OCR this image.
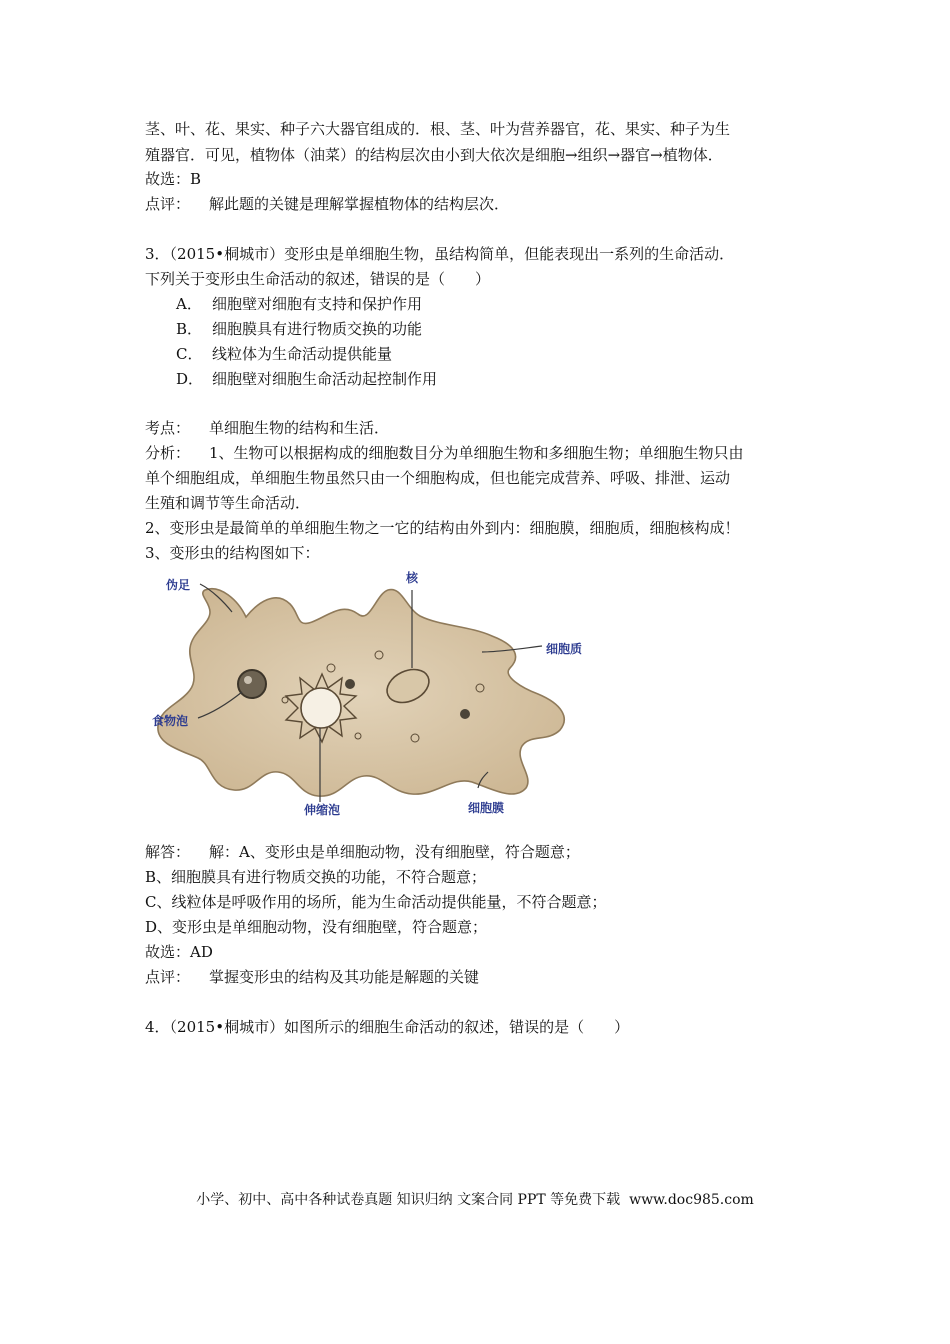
茎、叶、花、果实、种子六大器官组成的．根、茎、叶为营养器官，花、果实、种子为生
殖器官．可见，植物体（油菜）的结构层次由小到大依次是细胞→组织→器官→植物体．
故选：B
点评： 解此题的关键是理解掌握植物体的结构层次．
3．（2015•桐城市）变形虫是单细胞生物，虽结构简单，但能表现出一系列的生命活动．
下列关于变形虫生命活动的叙述，错误的是（　　）
A． 细胞壁对细胞有支持和保护作用
B． 细胞膜具有进行物质交换的功能
C． 线粒体为生命活动提供能量
D． 细胞壁对细胞生命活动起控制作用
考点： 单细胞生物的结构和生活．
分析： 1、生物可以根据构成的细胞数目分为单细胞生物和多细胞生物；单细胞生物只由
单个细胞组成，单细胞生物虽然只由一个细胞构成，但也能完成营养、呼吸、排泄、运动
生殖和调节等生命活动．
2、变形虫是最简单的单细胞生物之一它的结构由外到内：细胞膜，细胞质，细胞核构成！
3、变形虫的结构图如下：
伪足	核
细胞质
食物泡
伸缩泡	细胞膜
解答： 解：A、变形虫是单细胞动物，没有细胞壁，符合题意；
B、细胞膜具有进行物质交换的功能，不符合题意；
C、线粒体是呼吸作用的场所，能为生命活动提供能量，不符合题意；
D、变形虫是单细胞动物，没有细胞壁，符合题意；
故选：AD
点评： 掌握变形虫的结构及其功能是解题的关键
4．（2015•桐城市）如图所示的细胞生命活动的叙述，错误的是（　　）
小学、初中、高中各种试卷真题 知识归纳 文案合同 PPT 等免费下载 www.doc985.com
